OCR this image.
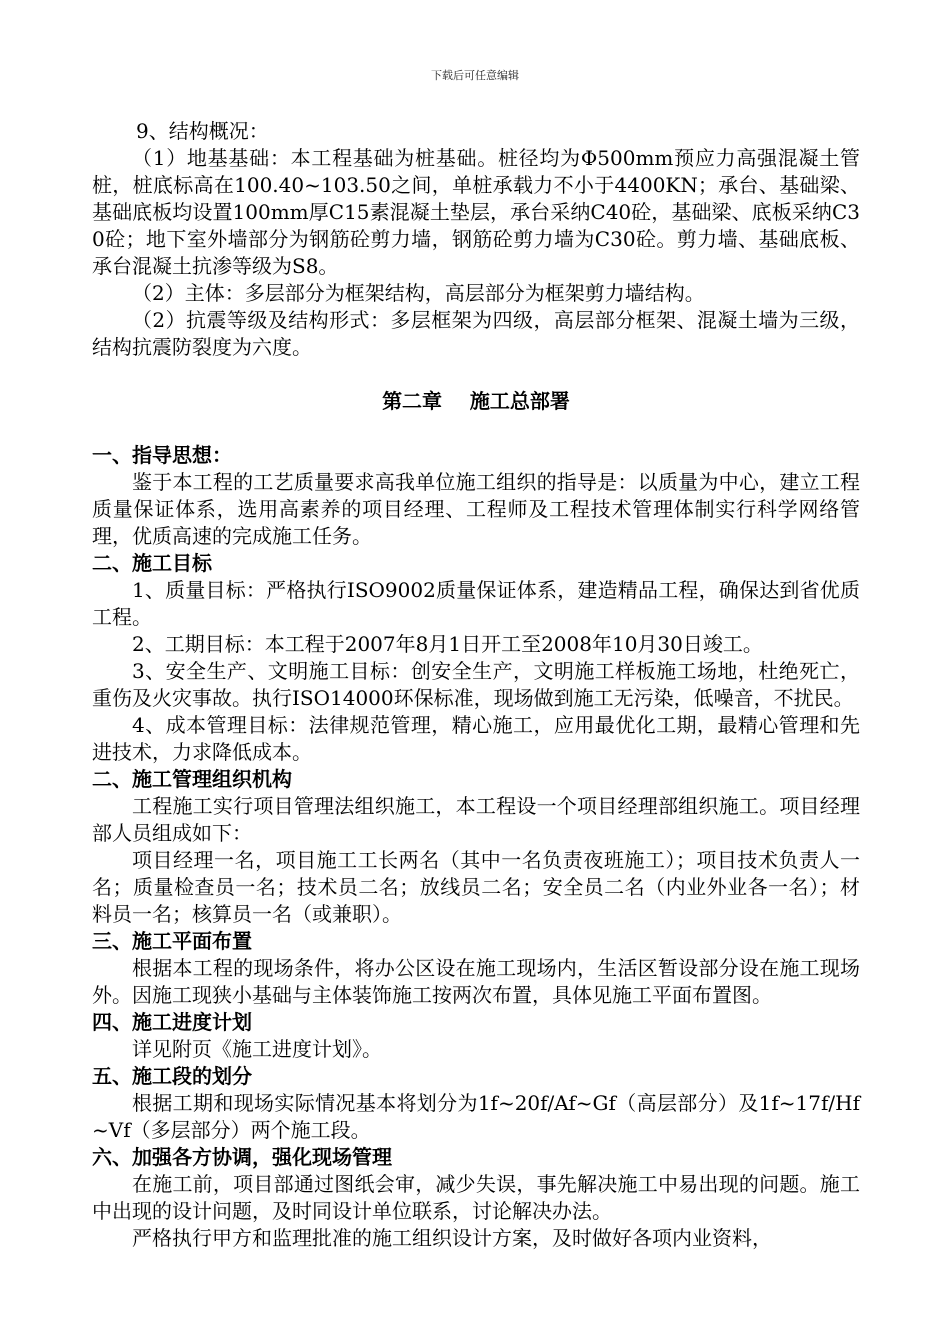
下载后可任意编辑

9、结构概况：

（1）地基基础：本工程基础为桩基础。桩径均为Φ500mm预应力高强混凝土管桩，桩底标高在100.40~103.50之间，单桩承载力不小于4400KN；承台、基础梁、基础底板均设置100mm厚C15素混凝土垫层，承台采纳C40砼，基础梁、底板采纳C30砼；地下室外墙部分为钢筋砼剪力墙，钢筋砼剪力墙为C30砼。剪力墙、基础底板、承台混凝土抗渗等级为S8。

（2）主体：多层部分为框架结构，高层部分为框架剪力墙结构。

（2）抗震等级及结构形式：多层框架为四级，高层部分框架、混凝土墙为三级，结构抗震防裂度为六度。

第二章    施工总部署

一、指导思想：

鉴于本工程的工艺质量要求高我单位施工组织的指导是：以质量为中心，建立工程质量保证体系，选用高素养的项目经理、工程师及工程技术管理体制实行科学网络管理，优质高速的完成施工任务。

二、施工目标

1、质量目标：严格执行ISO9002质量保证体系，建造精品工程，确保达到省优质工程。

2、工期目标：本工程于2007年8月1日开工至2008年10月30日竣工。

3、安全生产、文明施工目标：创安全生产，文明施工样板施工场地，杜绝死亡，重伤及火灾事故。执行ISO14000环保标准，现场做到施工无污染，低噪音，不扰民。

4、成本管理目标：法律规范管理，精心施工，应用最优化工期，最精心管理和先进技术，力求降低成本。

二、施工管理组织机构

工程施工实行项目管理法组织施工，本工程设一个项目经理部组织施工。项目经理部人员组成如下：

项目经理一名，项目施工工长两名（其中一名负责夜班施工）；项目技术负责人一名；质量检查员一名；技术员二名；放线员二名；安全员二名（内业外业各一名）；材料员一名；核算员一名（或兼职）。

三、施工平面布置

根据本工程的现场条件，将办公区设在施工现场内，生活区暂设部分设在施工现场外。因施工现狭小基础与主体装饰施工按两次布置，具体见施工平面布置图。

四、施工进度计划

详见附页《施工进度计划》。

五、施工段的划分

根据工期和现场实际情况基本将划分为1f~20f/Af~Gf（高层部分）及1f~17f/Hf~Vf（多层部分）两个施工段。

六、加强各方协调，强化现场管理

在施工前，项目部通过图纸会审，减少失误，事先解决施工中易出现的问题。施工中出现的设计问题，及时同设计单位联系，讨论解决办法。

严格执行甲方和监理批准的施工组织设计方案，及时做好各项内业资料，
